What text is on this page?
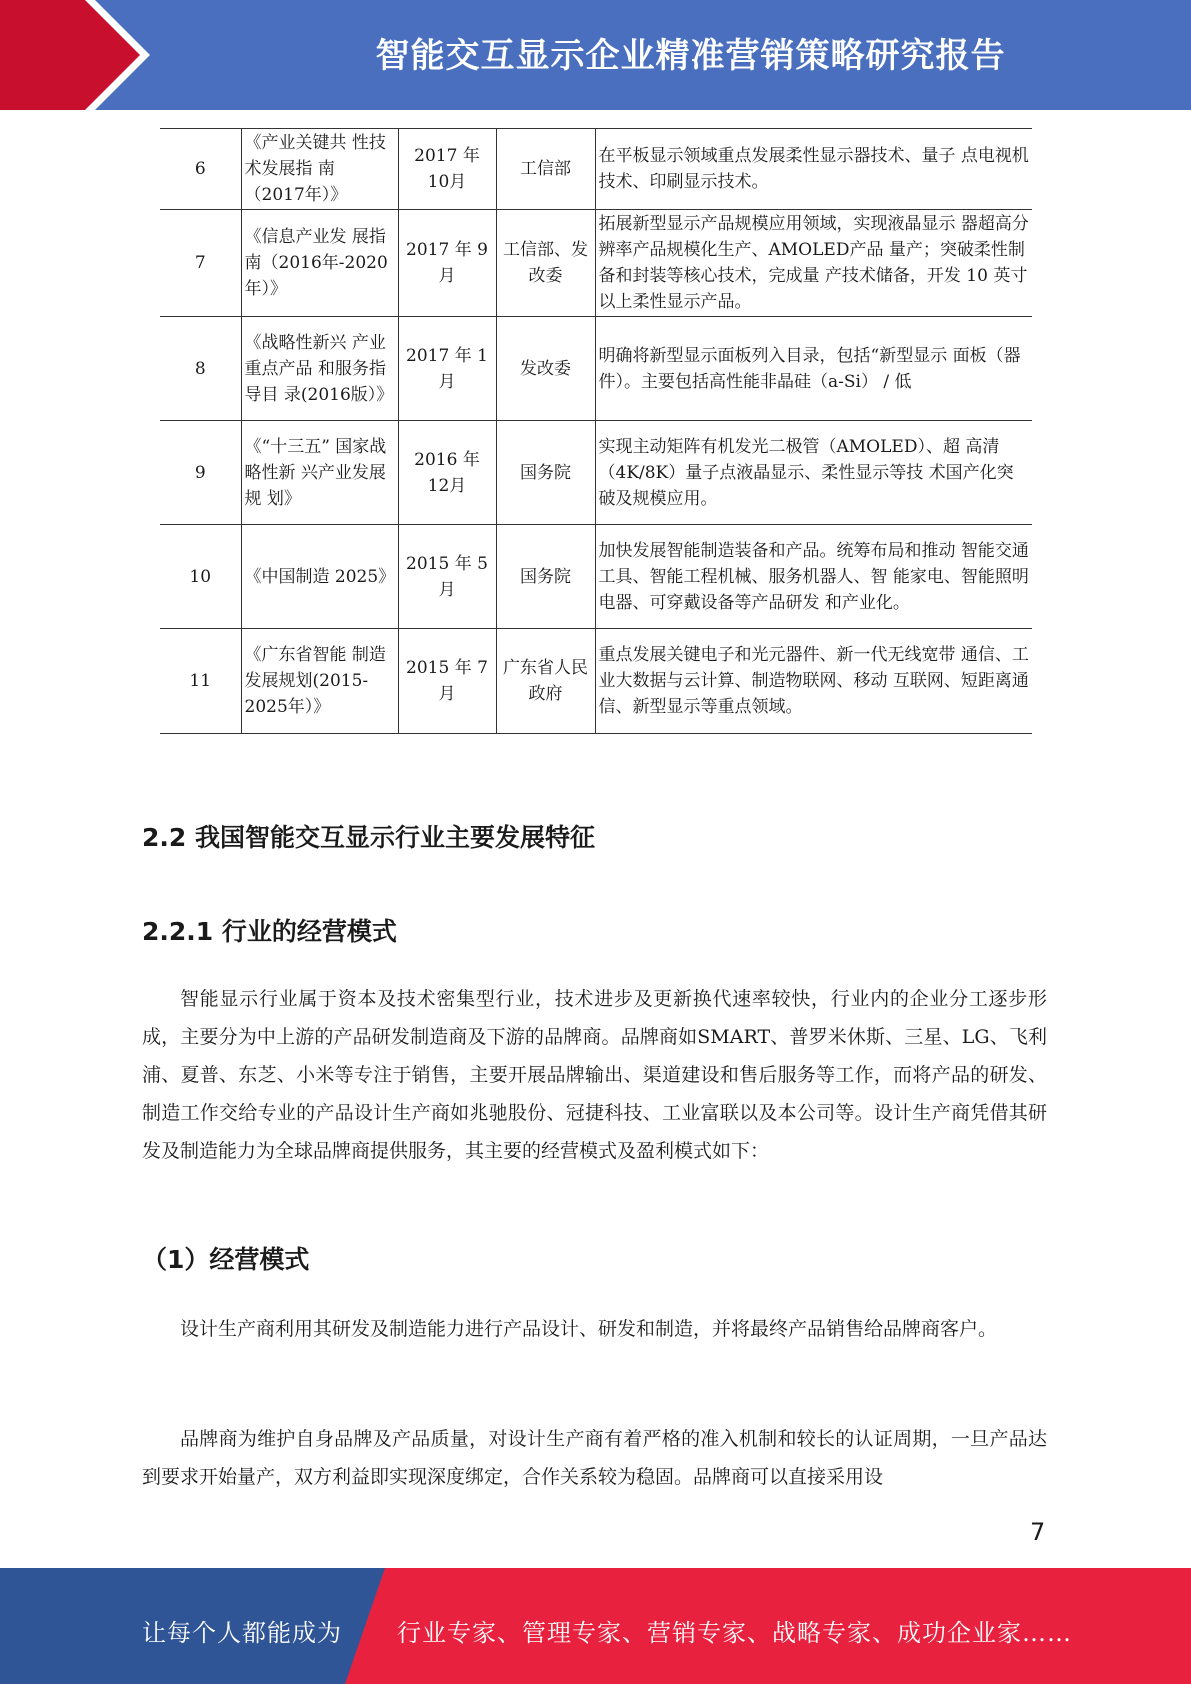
智能交互显示企业精准营销策略研究报告
6	《产业关键共 性技术发展指 南（2017年）》	2017 年 10月	工信部	在平板显示领域重点发展柔性显示器技术、量子 点电视机技术、印刷显示技术。
7	《信息产业发 展指南（2016年-2020年）》	2017 年 9 月	工信部、发改委	拓展新型显示产品规模应用领域，实现液晶显示 器超高分辨率产品规模化生产、AMOLED产品 量产；突破柔性制备和封装等核心技术，完成量 产技术储备，开发 10 英寸以上柔性显示产品。
8	《战略性新兴 产业重点产品 和服务指导目 录(2016版）》	2017 年 1 月	发改委	明确将新型显示面板列入目录，包括“新型显示 面板（器件）。主要包括高性能非晶硅（a-Si） / 低
9	《“十三五” 国家战略性新 兴产业发展规 划》	2016 年 12月	国务院	实现主动矩阵有机发光二极管（AMOLED）、超 高清（4K/8K）量子点液晶显示、柔性显示等技 术国产化突破及规模应用。
10	《中国制造 2025》	2015 年 5 月	国务院	加快发展智能制造装备和产品。统筹布局和推动 智能交通工具、智能工程机械、服务机器人、智 能家电、智能照明电器、可穿戴设备等产品研发 和产业化。
11	《广东省智能 制造发展规划(2015-2025年）》	2015 年 7 月	广东省人民政府	重点发展关键电子和光元器件、新一代无线宽带 通信、工业大数据与云计算、制造物联网、移动 互联网、短距离通信、新型显示等重点领域。
2.2 我国智能交互显示行业主要发展特征
2.2.1 行业的经营模式

智能显示行业属于资本及技术密集型行业，技术进步及更新换代速率较快，行业内的企业分工逐步形成，主要分为中上游的产品研发制造商及下游的品牌商。品牌商如SMART、普罗米休斯、三星、LG、飞利浦、夏普、东芝、小米等专注于销售，主要开展品牌输出、渠道建设和售后服务等工作，而将产品的研发、制造工作交给专业的产品设计生产商如兆驰股份、冠捷科技、工业富联以及本公司等。设计生产商凭借其研发及制造能力为全球品牌商提供服务，其主要的经营模式及盈利模式如下：

（1）经营模式

设计生产商利用其研发及制造能力进行产品设计、研发和制造，并将最终产品销售给品牌商客户。

品牌商为维护自身品牌及产品质量，对设计生产商有着严格的准入机制和较长的认证周期，一旦产品达到要求开始量产，双方利益即实现深度绑定，合作关系较为稳固。品牌商可以直接采用设

7
让每个人都能成为 行业专家、管理专家、营销专家、战略专家、成功企业家……
